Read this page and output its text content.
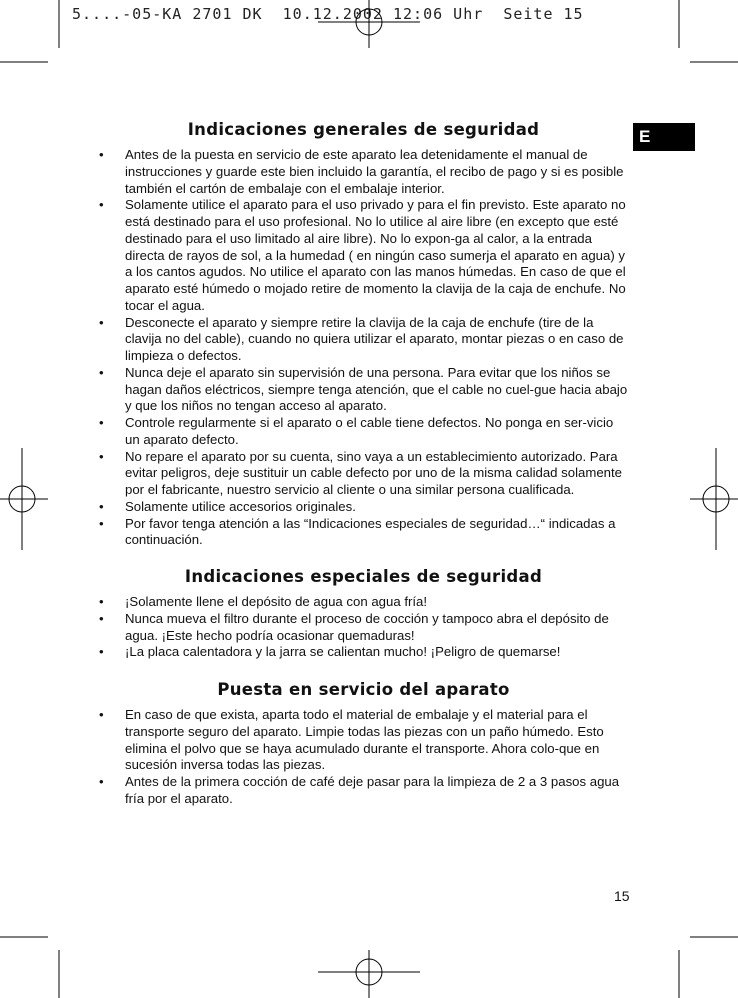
5....-05-KA 2701 DK  10.12.2002 12:06 Uhr  Seite 15
E
Indicaciones generales de seguridad
• Antes de la puesta en servicio de este aparato lea detenidamente el manual de instrucciones y guarde este bien incluido la garantía, el recibo de pago y si es posible también el cartón de embalaje con el embalaje interior.
• Solamente utilice el aparato para el uso privado y para el fin previsto. Este aparato no está destinado para el uso profesional. No lo utilice al aire libre (en excepto que esté destinado para el uso limitado al aire libre). No lo expon-ga al calor, a la entrada directa de rayos de sol, a la humedad ( en ningún caso sumerja el aparato en agua) y a los cantos agudos. No utilice el aparato con las manos húmedas. En caso de que el aparato esté húmedo o mojado retire de momento la clavija de la caja de enchufe. No tocar el agua.
• Desconecte el aparato y siempre retire la clavija de la caja de enchufe (tire de la clavija no del cable), cuando no quiera utilizar el aparato, montar piezas o en caso de limpieza o defectos.
• Nunca deje el aparato sin supervisión de una persona. Para evitar que los niños se hagan daños eléctricos, siempre tenga atención, que el cable no cuel-gue hacia abajo y que los niños no tengan acceso al aparato.
• Controle regularmente si el aparato o el cable tiene defectos. No ponga en ser-vicio un aparato defecto.
• No repare el aparato por su cuenta, sino vaya a un establecimiento autorizado. Para evitar peligros, deje sustituir un cable defecto por uno de la misma calidad solamente por el fabricante, nuestro servicio al cliente o una similar persona cualificada.
• Solamente utilice accesorios originales.
• Por favor tenga atención a las “Indicaciones especiales de seguridad…“ indicadas a continuación.
Indicaciones especiales de seguridad
• ¡Solamente llene el depósito de agua con agua fría!
• Nunca mueva el filtro durante el proceso de cocción y tampoco abra el depósito de agua. ¡Este hecho podría ocasionar quemaduras!
• ¡La placa calentadora y la jarra se calientan mucho! ¡Peligro de quemarse!
Puesta en servicio del aparato
• En caso de que exista, aparta todo el material de embalaje y el material para el transporte seguro del aparato. Limpie todas las piezas con un paño húmedo. Esto elimina el polvo que se haya acumulado durante el transporte. Ahora colo-que en sucesión inversa todas las piezas.
• Antes de la primera cocción de café deje pasar para la limpieza de 2 a 3 pasos agua fría por el aparato.
15
